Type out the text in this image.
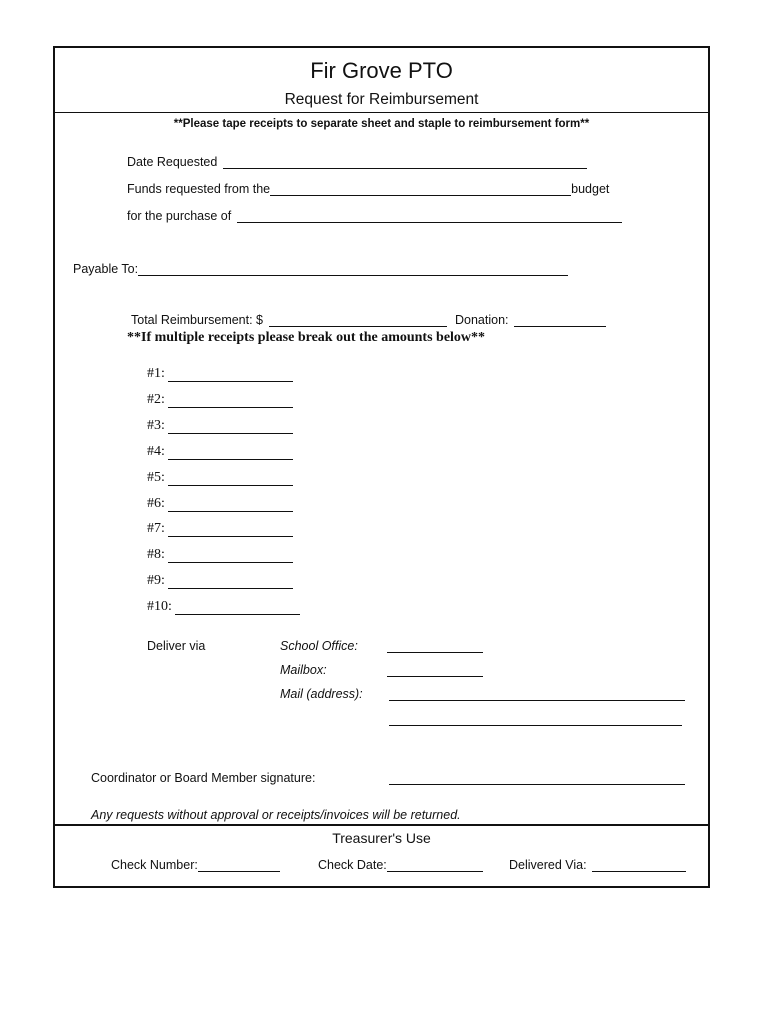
Fir Grove PTO
Request for Reimbursement
**Please tape receipts to separate sheet and staple to reimbursement form**
Date Requested
Funds requested from the	budget
for the purchase of
Payable To:
Total Reimbursement: $	Donation:
**If multiple receipts please break out the amounts below**
#1:
#2:
#3:
#4:
#5:
#6:
#7:
#8:
#9:
#10:
Deliver via	School Office:
Mailbox:
Mail (address):
Coordinator or Board Member signature:
Any requests without approval or receipts/invoices will be returned.
Treasurer's Use
Check Number:	Check Date:	Delivered Via:
